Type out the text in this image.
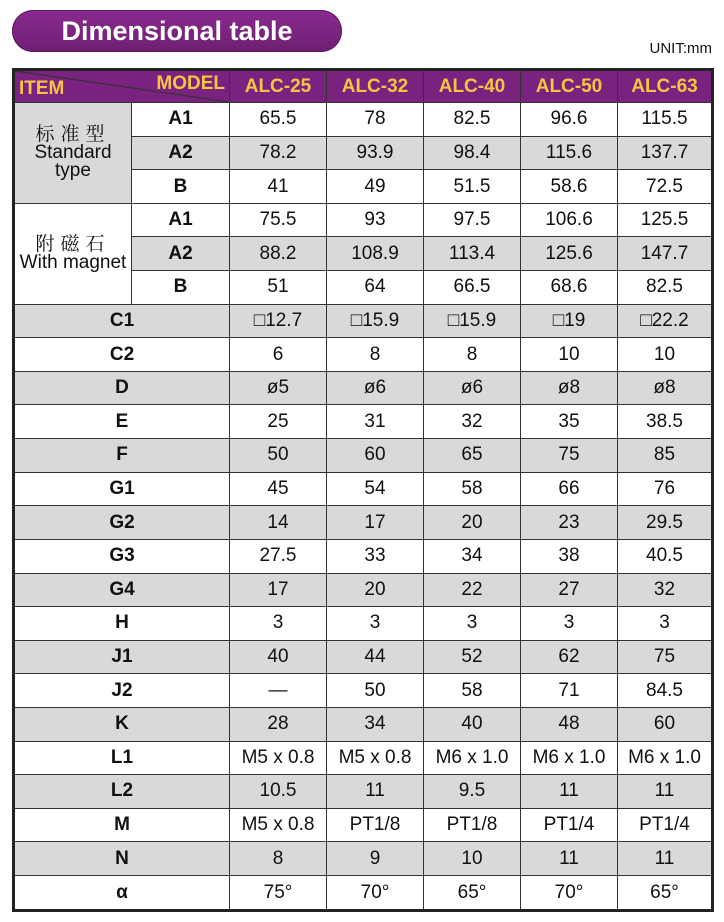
Dimensional table
UNIT:mm
MODEL
ITEM		ALC-25	ALC-32	ALC-40	ALC-50	ALC-63

标准型
Standard type	A1	65.5	78	82.5	96.6	115.5
	A2	78.2	93.9	98.4	115.6	137.7
	B	41	49	51.5	58.6	72.5

附磁石
With magnet	A1	75.5	93	97.5	106.6	125.5
	A2	88.2	108.9	113.4	125.6	147.7
	B	51	64	66.5	68.6	82.5
C1		□12.7	□15.9	□15.9	□19	□22.2
C2		6	8	8	10	10
D		ø5	ø6	ø6	ø8	ø8
E		25	31	32	35	38.5
F		50	60	65	75	85
G1		45	54	58	66	76
G2		14	17	20	23	29.5
G3		27.5	33	34	38	40.5
G4		17	20	22	27	32
H		3	3	3	3	3
J1		40	44	52	62	75
J2		—	50	58	71	84.5
K		28	34	40	48	60
L1		M5 x 0.8	M5 x 0.8	M6 x 1.0	M6 x 1.0	M6 x 1.0
L2		10.5	11	9.5	11	11
M		M5 x 0.8	PT1/8	PT1/8	PT1/4	PT1/4
N		8	9	10	11	11
α		75°	70°	65°	70°	65°
